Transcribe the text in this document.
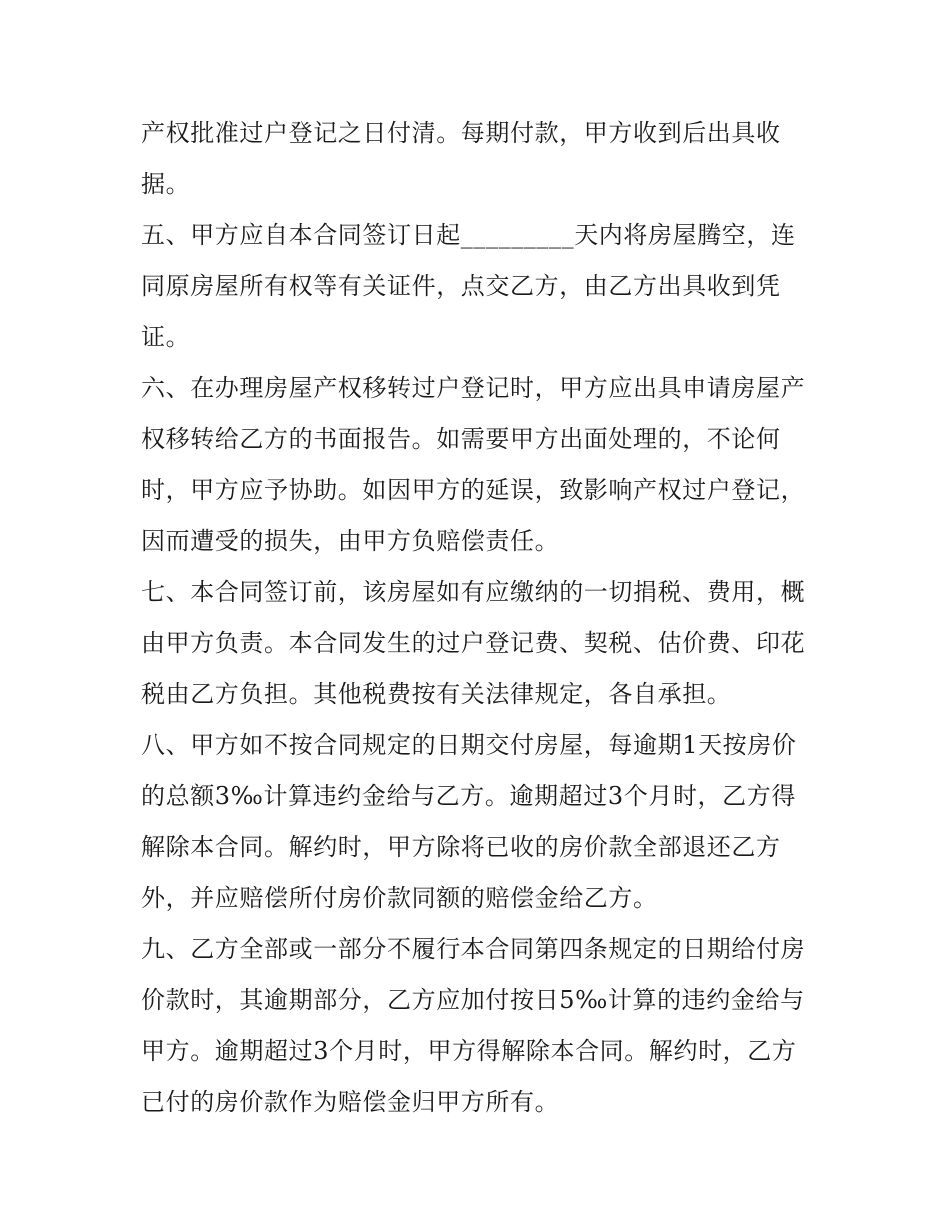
产权批准过户登记之日付清。每期付款，甲方收到后出具收
据。
五、甲方应自本合同签订日起_________天内将房屋腾空，连
同原房屋所有权等有关证件，点交乙方，由乙方出具收到凭
证。
六、在办理房屋产权移转过户登记时，甲方应出具申请房屋产
权移转给乙方的书面报告。如需要甲方出面处理的，不论何
时，甲方应予协助。如因甲方的延误，致影响产权过户登记，
因而遭受的损失，由甲方负赔偿责任。
七、本合同签订前，该房屋如有应缴纳的一切捐税、费用，概
由甲方负责。本合同发生的过户登记费、契税、估价费、印花
税由乙方负担。其他税费按有关法律规定，各自承担。
八、甲方如不按合同规定的日期交付房屋，每逾期1天按房价
的总额3‰计算违约金给与乙方。逾期超过3个月时，乙方得
解除本合同。解约时，甲方除将已收的房价款全部退还乙方
外，并应赔偿所付房价款同额的赔偿金给乙方。
九、乙方全部或一部分不履行本合同第四条规定的日期给付房
价款时，其逾期部分，乙方应加付按日5‰计算的违约金给与
甲方。逾期超过3个月时，甲方得解除本合同。解约时，乙方
已付的房价款作为赔偿金归甲方所有。
